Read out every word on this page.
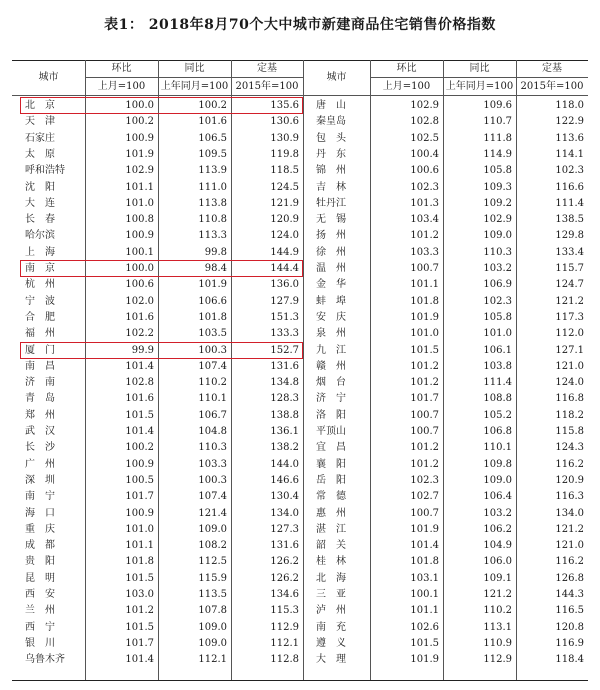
表1： 2018年8月70个大中城市新建商品住宅销售价格指数
城市
环比	同比	定基
上月=100	上年同月=100 2015年=100
城市
环比	同比	定基
上月=100	上年同月=100 2015年=100
北　京	100.0	100.2	135.6
天　津	100.2	101.6	130.6
石家庄	100.9	106.5	130.9
太　原	101.9	109.5	119.8
呼和浩特	102.9	113.9	118.5
沈　阳	101.1	111.0	124.5
大　连	101.0	113.8	121.9
长　春	100.8	110.8	120.9
哈尔滨	100.9	113.3	124.0
上　海	100.1	99.8	144.9
南　京	100.0	98.4	144.4
杭　州	100.6	101.9	136.0
宁　波	102.0	106.6	127.9
合　肥	101.6	101.8	151.3
福　州	102.2	103.5	133.3
厦　门	99.9	100.3	152.7
南　昌	101.4	107.4	131.6
济　南	102.8	110.2	134.8
青　岛	101.6	110.1	128.3
郑　州	101.5	106.7	138.8
武　汉	101.4	104.8	136.1
长　沙	100.2	110.3	138.2
广　州	100.9	103.3	144.0
深　圳	100.5	100.3	146.6
南　宁	101.7	107.4	130.4
海　口	100.9	121.4	134.0
重　庆	101.0	109.0	127.3
成　都	101.1	108.2	131.6
贵　阳	101.8	112.5	126.2
昆　明	101.5	115.9	126.2
西　安	103.0	113.5	134.6
兰　州	101.2	107.8	115.3
西　宁	101.5	109.0	112.9
银　川	101.7	109.0	112.1
乌鲁木齐	101.4	112.1	112.8
唐　山	102.9	109.6	118.0
秦皇岛	102.8	110.7	122.9
包　头	102.5	111.8	113.6
丹　东	100.4	114.9	114.1
锦　州	100.6	105.8	102.3
吉　林	102.3	109.3	116.6
牡丹江	101.3	109.2	111.4
无　锡	103.4	102.9	138.5
扬　州	101.2	109.0	129.8
徐　州	103.3	110.3	133.4
温　州	100.7	103.2	115.7
金　华	101.1	106.9	124.7
蚌　埠	101.8	102.3	121.2
安　庆	101.9	105.8	117.3
泉　州	101.0	101.0	112.0
九　江	101.5	106.1	127.1
赣　州	101.2	103.8	121.0
烟　台	101.2	111.4	124.0
济　宁	101.7	108.8	116.8
洛　阳	100.7	105.2	118.2
平顶山	100.7	106.8	115.8
宜　昌	101.2	110.1	124.3
襄　阳	101.2	109.8	116.2
岳　阳	102.3	109.0	120.9
常　德	102.7	106.4	116.3
惠　州	100.7	103.2	134.0
湛　江	101.9	106.2	121.2
韶　关	101.4	104.9	121.0
桂　林	101.8	106.0	116.2
北　海	103.1	109.1	126.8
三　亚	100.1	121.2	144.3
泸　州	101.1	110.2	116.5
南　充	102.6	113.1	120.8
遵　义	101.5	110.9	116.9
大　理	101.9	112.9	118.4
